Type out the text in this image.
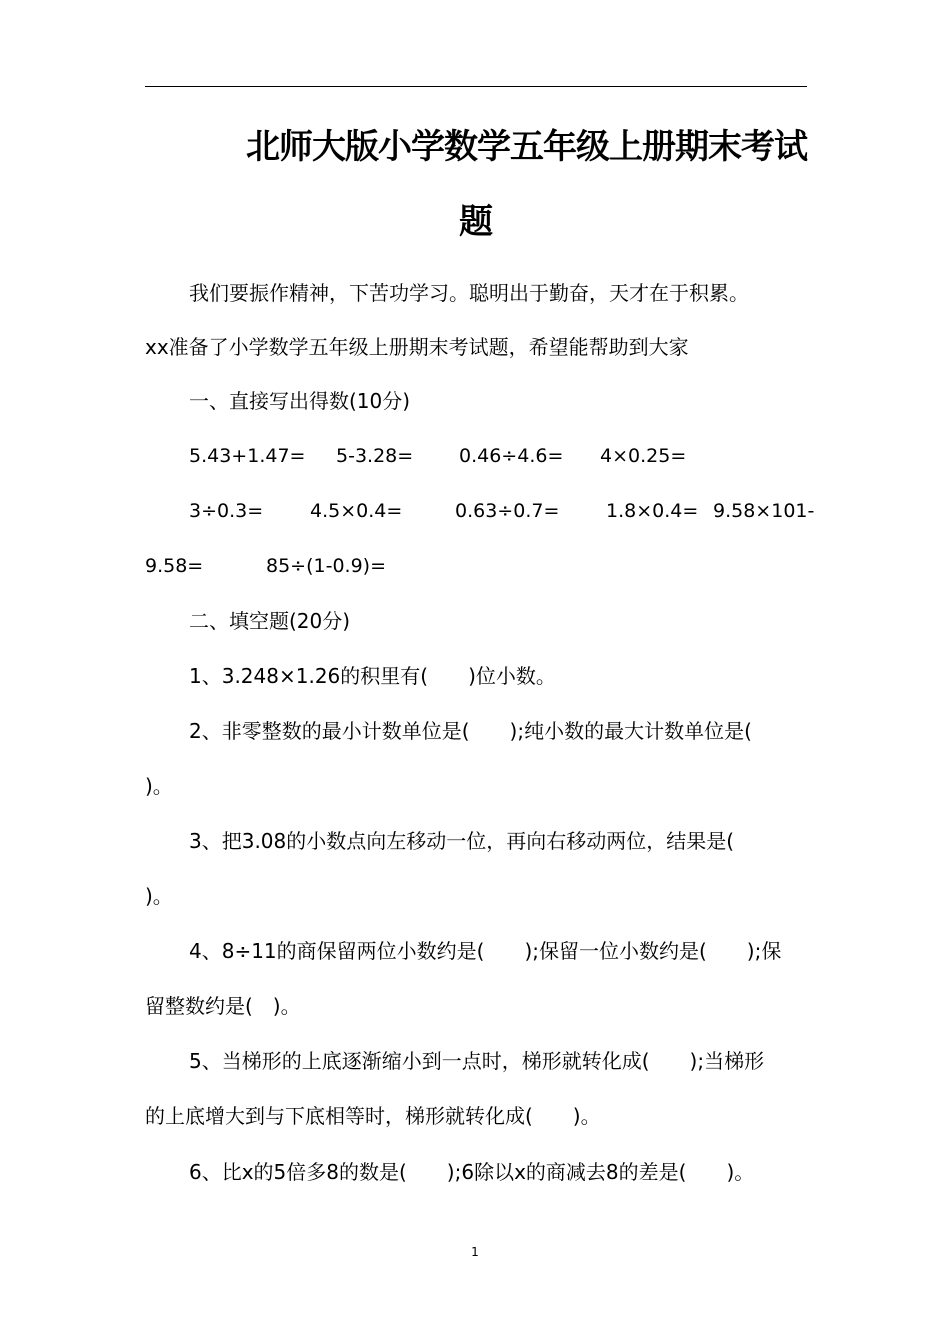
北师大版小学数学五年级上册期末考试
题
我们要振作精神，下苦功学习。聪明出于勤奋，天才在于积累。
xx准备了小学数学五年级上册期末考试题，希望能帮助到大家
一、直接写出得数(10分)
5.43+1.47= 5-3.28= 0.46÷4.6= 4×0.25=
3÷0.3= 4.5×0.4=	0.63÷0.7= 1.8×0.4= 9.58×101-
9.58=	85÷(1-0.9)=
二、填空题(20分)
1、3.248×1.26的积里有(　　)位小数。
2、非零整数的最小计数单位是(　　);纯小数的最大计数单位是(
)。
3、把3.08的小数点向左移动一位，再向右移动两位，结果是(
)。
4、8÷11的商保留两位小数约是(　　);保留一位小数约是(　　);保
留整数约是(　)。
5、当梯形的上底逐渐缩小到一点时，梯形就转化成(　　);当梯形
的上底增大到与下底相等时，梯形就转化成(　　)。
6、比x的5倍多8的数是(　　);6除以x的商减去8的差是(　　)。
1
